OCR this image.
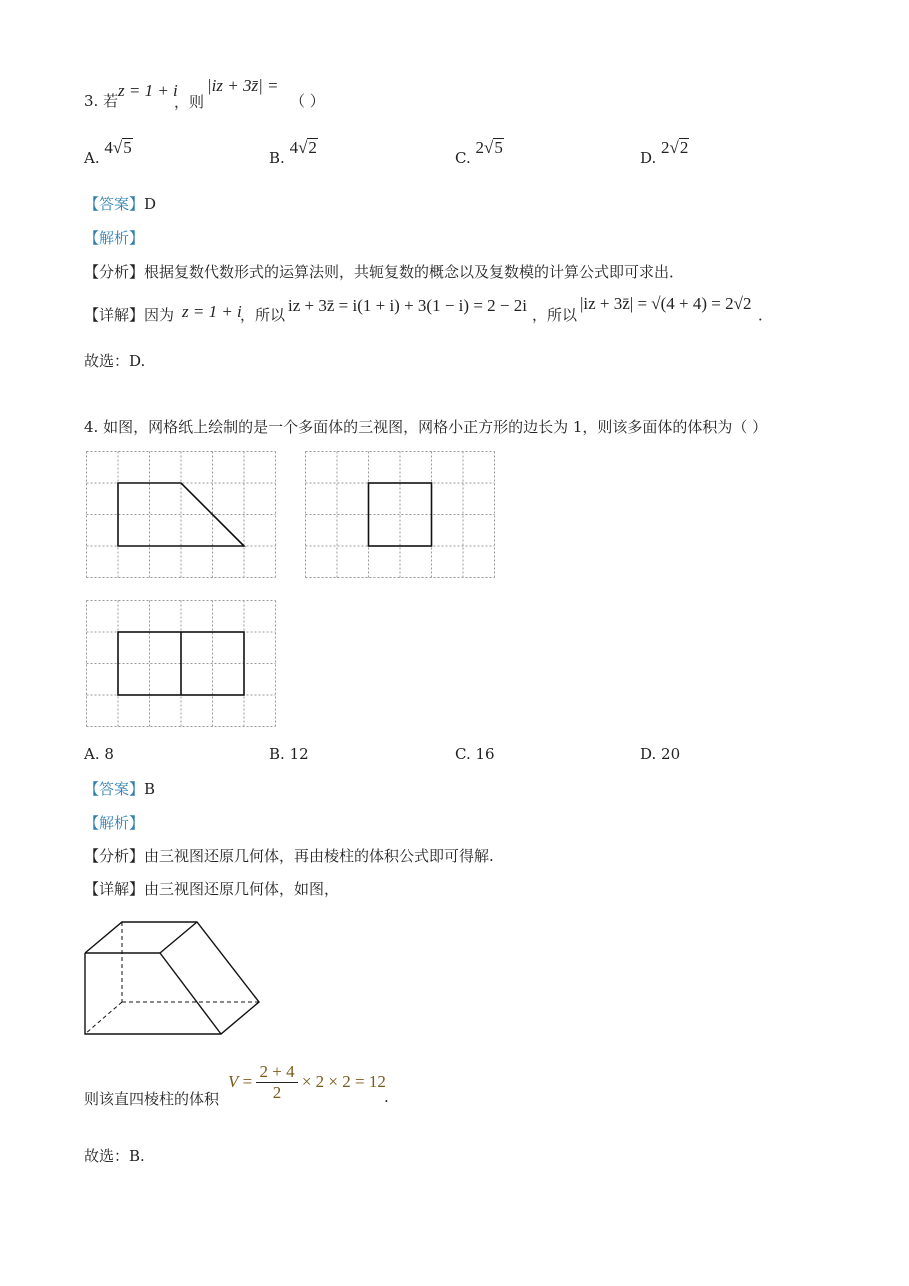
3. 若
z = 1 + i
，则
|iz + 3z̄| =
（ ）
A. 4√5
B. 4√2
C. 2√5
D. 2√2
【答案】D
【解析】
【分析】根据复数代数形式的运算法则，共轭复数的概念以及复数模的计算公式即可求出．
【详解】因为 z = 1 + i
，所以 iz + 3z̄ = i(1 + i) + 3(1 − i) = 2 − 2i ，所以
|iz + 3z̄| = √(4 + 4) = 2√2
．
故选：D.
4. 如图，网格纸上绘制的是一个多面体的三视图，网格小正方形的边长为 1，则该多面体的体积为（ ）
A. 8	B. 12	C. 16	D. 20
【答案】B
【解析】
【分析】由三视图还原几何体，再由棱柱的体积公式即可得解.
【详解】由三视图还原几何体，如图，
则该直四棱柱的体积
$V = \frac{2 + 4}{2} \times 2 \times 2 = 12$
.
故选：B.
